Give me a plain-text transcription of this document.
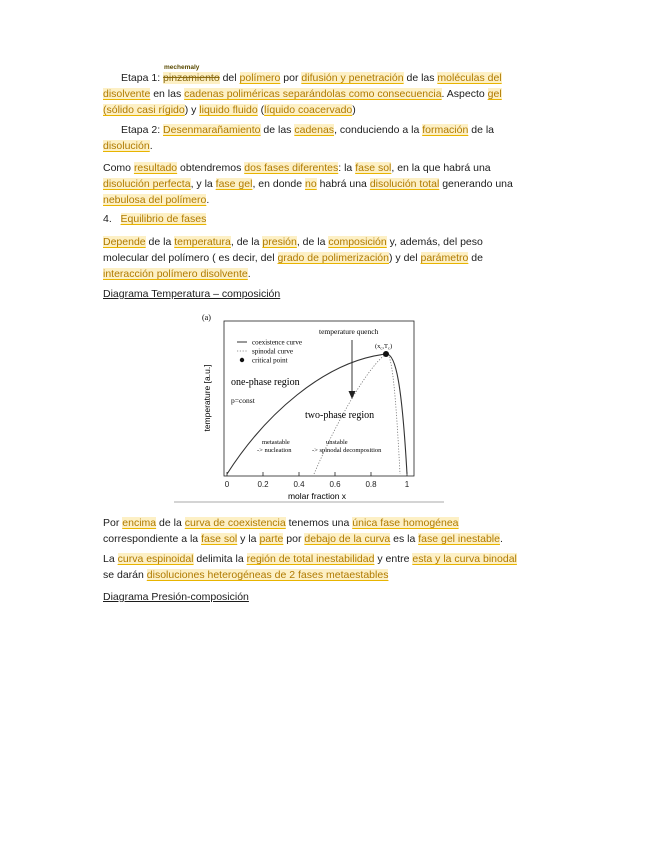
mechemaly

Etapa 1: pinzamiento del polímero por difusión y penetración de las moléculas del disolvente en las cadenas poliméricas separándolas como consecuencia. Aspecto gel (sólido casi rígido) y liquido fluido (líquido coacervado)

Etapa 2: Desenmarañamiento de las cadenas, conduciendo a la formación de la disolución.

Como resultado obtendremos dos fases diferentes: la fase sol, en la que habrá una disolución perfecta, y la fase gel, en donde no habrá una disolución total generando una nebulosa del polímero.

4. Equilibrio de fases

Depende de la temperatura, de la presión, de la composición y, además, del peso molecular del polímero ( es decir, del grado de polimerización) y del parámetro de interacción polímero disolvente.

Diagrama Temperatura – composición

(a)
0	0.2	0.4	0.6	0.8	1
molar fraction x
temperature [a.u.]
temperature quench
$(x_c,T_c)$
coexistence curve
spinodal curve
critical point
one-phase region
p=const
two-phase region
metastable -> nucleation
unstable -> spinodal decomposition

Por encima de la curva de coexistencia tenemos una única fase homogénea correspondiente a la fase sol y la parte por debajo de la curva es la fase gel inestable.

La curva espinoidal delimita la región de total inestabilidad y entre esta y la curva binodal se darán disoluciones heterogéneas de 2 fases metaestables

Diagrama Presión-composición
